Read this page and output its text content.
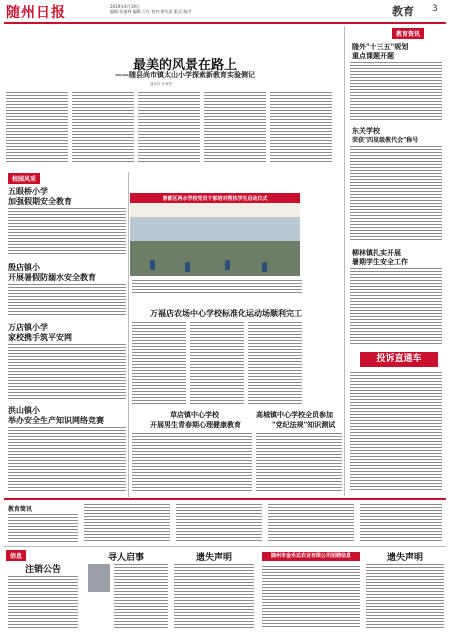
随州日报	2019年4月19日
编辑:张福林 编辑:王红 校对:黄先哥 版式:杨洪	教育 3
最美的风景在路上
——随县尚市镇太山小学探索新教育实验侧记
通讯员 叶章铃
校园风采
五眼桥小学
加强假期安全教育
殷店镇小
开展暑假防溺水安全教育
万店镇小学
家校携手筑平安网
洪山镇小
举办安全生产知识网络竞赛
曾都区两水学校党员干部培对帮扶学生启动仪式
万福店农场中心学校标准化运动场顺利完工
草店镇中心学校
开展男生青春期心理健康教育
高城镇中心学校全员参加
"党纪法规"知识测试
教育资讯
随外"十三五"规划
重点课题开题
东关学校
荣获"四星级教代会"称号
柳林镇扎实开展
暑期学生安全工作
投诉直通车
教育简讯
信息
注销公告
寻人启事	遗失声明	随州市金禾达农业有限公司招聘信息	遗失声明
